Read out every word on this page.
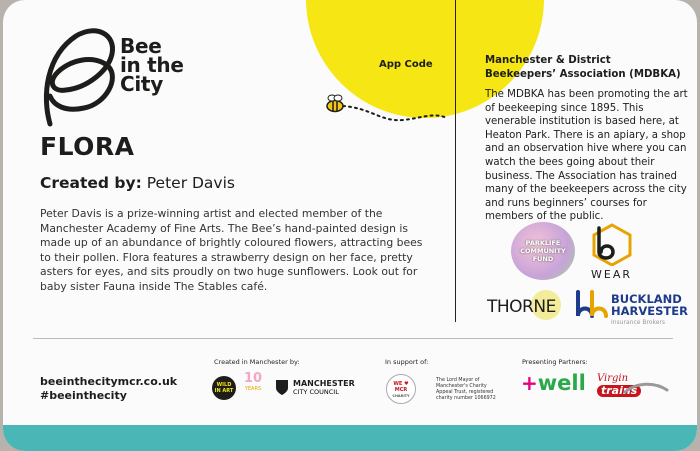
Bee
in the
City
App Code
FLORA
Created by: Peter Davis
Peter Davis is a prize-winning artist and elected member of the Manchester Academy of Fine Arts. The Bee’s hand-painted design is made up of an abundance of brightly coloured flowers, attracting bees to their pollen. Flora features a strawberry design on her face, pretty asters for eyes, and sits proudly on two huge sunflowers. Look out for baby sister Fauna inside The Stables café.
Manchester & District Beekeepers’ Association (MDBKA)
The MDBKA has been promoting the art of beekeeping since 1895. This venerable institution is based here, at Heaton Park. There is an apiary, a shop and an observation hive where you can watch the bees going about their business. The Association has trained many of the beekeepers across the city and runs beginners’ courses for members of the public.
PARKLIFE
COMMUNITY
FUND
WEAR
THORNE	BUCKLAND
HARVESTER
Insurance Brokers
beeinthecitymcr.co.uk
#beeinthecity
Created in Manchester by:
WILD
IN ART
10
YEARS
MANCHESTER
CITY COUNCIL
In support of:
WE ♥
MCR
CHARITY
The Lord Mayor of Manchester's Charity Appeal Trust, registered charity number 1066972
Presenting Partners:
+well Virgin
trains
